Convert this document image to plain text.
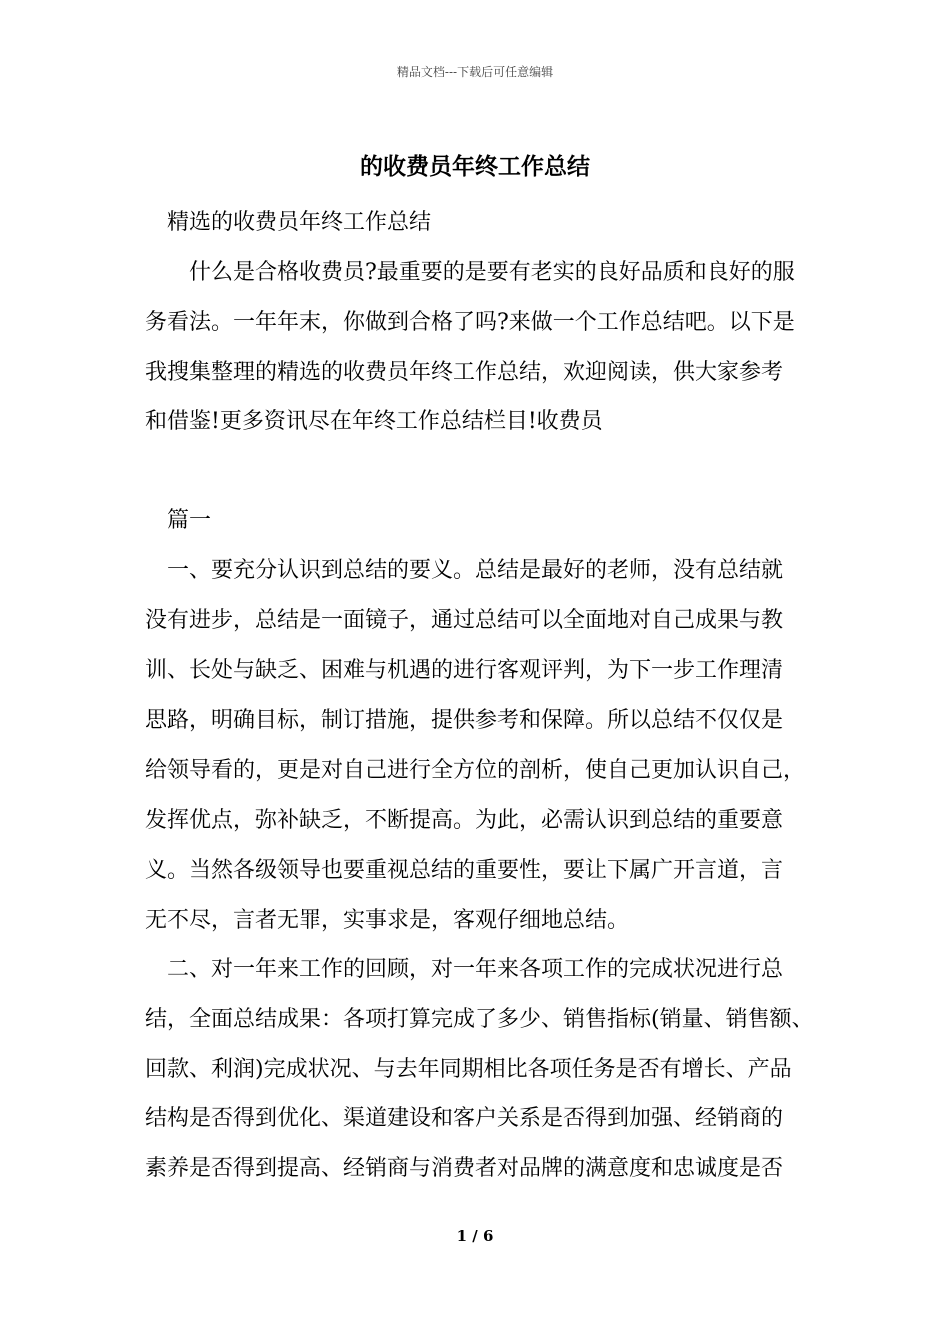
精品文档---下载后可任意编辑
的收费员年终工作总结
　精选的收费员年终工作总结
　　什么是合格收费员?最重要的是要有老实的良好品质和良好的服
务看法。一年年末，你做到合格了吗?来做一个工作总结吧。以下是
我搜集整理的精选的收费员年终工作总结，欢迎阅读，供大家参考
和借鉴!更多资讯尽在年终工作总结栏目!收费员
　篇一
　一、要充分认识到总结的要义。总结是最好的老师，没有总结就
没有进步，总结是一面镜子，通过总结可以全面地对自己成果与教
训、长处与缺乏、困难与机遇的进行客观评判，为下一步工作理清
思路，明确目标，制订措施，提供参考和保障。所以总结不仅仅是
给领导看的，更是对自己进行全方位的剖析，使自己更加认识自己，
发挥优点，弥补缺乏，不断提高。为此，必需认识到总结的重要意
义。当然各级领导也要重视总结的重要性，要让下属广开言道，言
无不尽，言者无罪，实事求是，客观仔细地总结。
　二、对一年来工作的回顾，对一年来各项工作的完成状况进行总
结，全面总结成果：各项打算完成了多少、销售指标(销量、销售额、
回款、利润)完成状况、与去年同期相比各项任务是否有增长、产品
结构是否得到优化、渠道建设和客户关系是否得到加强、经销商的
素养是否得到提高、经销商与消费者对品牌的满意度和忠诚度是否
1 / 6
